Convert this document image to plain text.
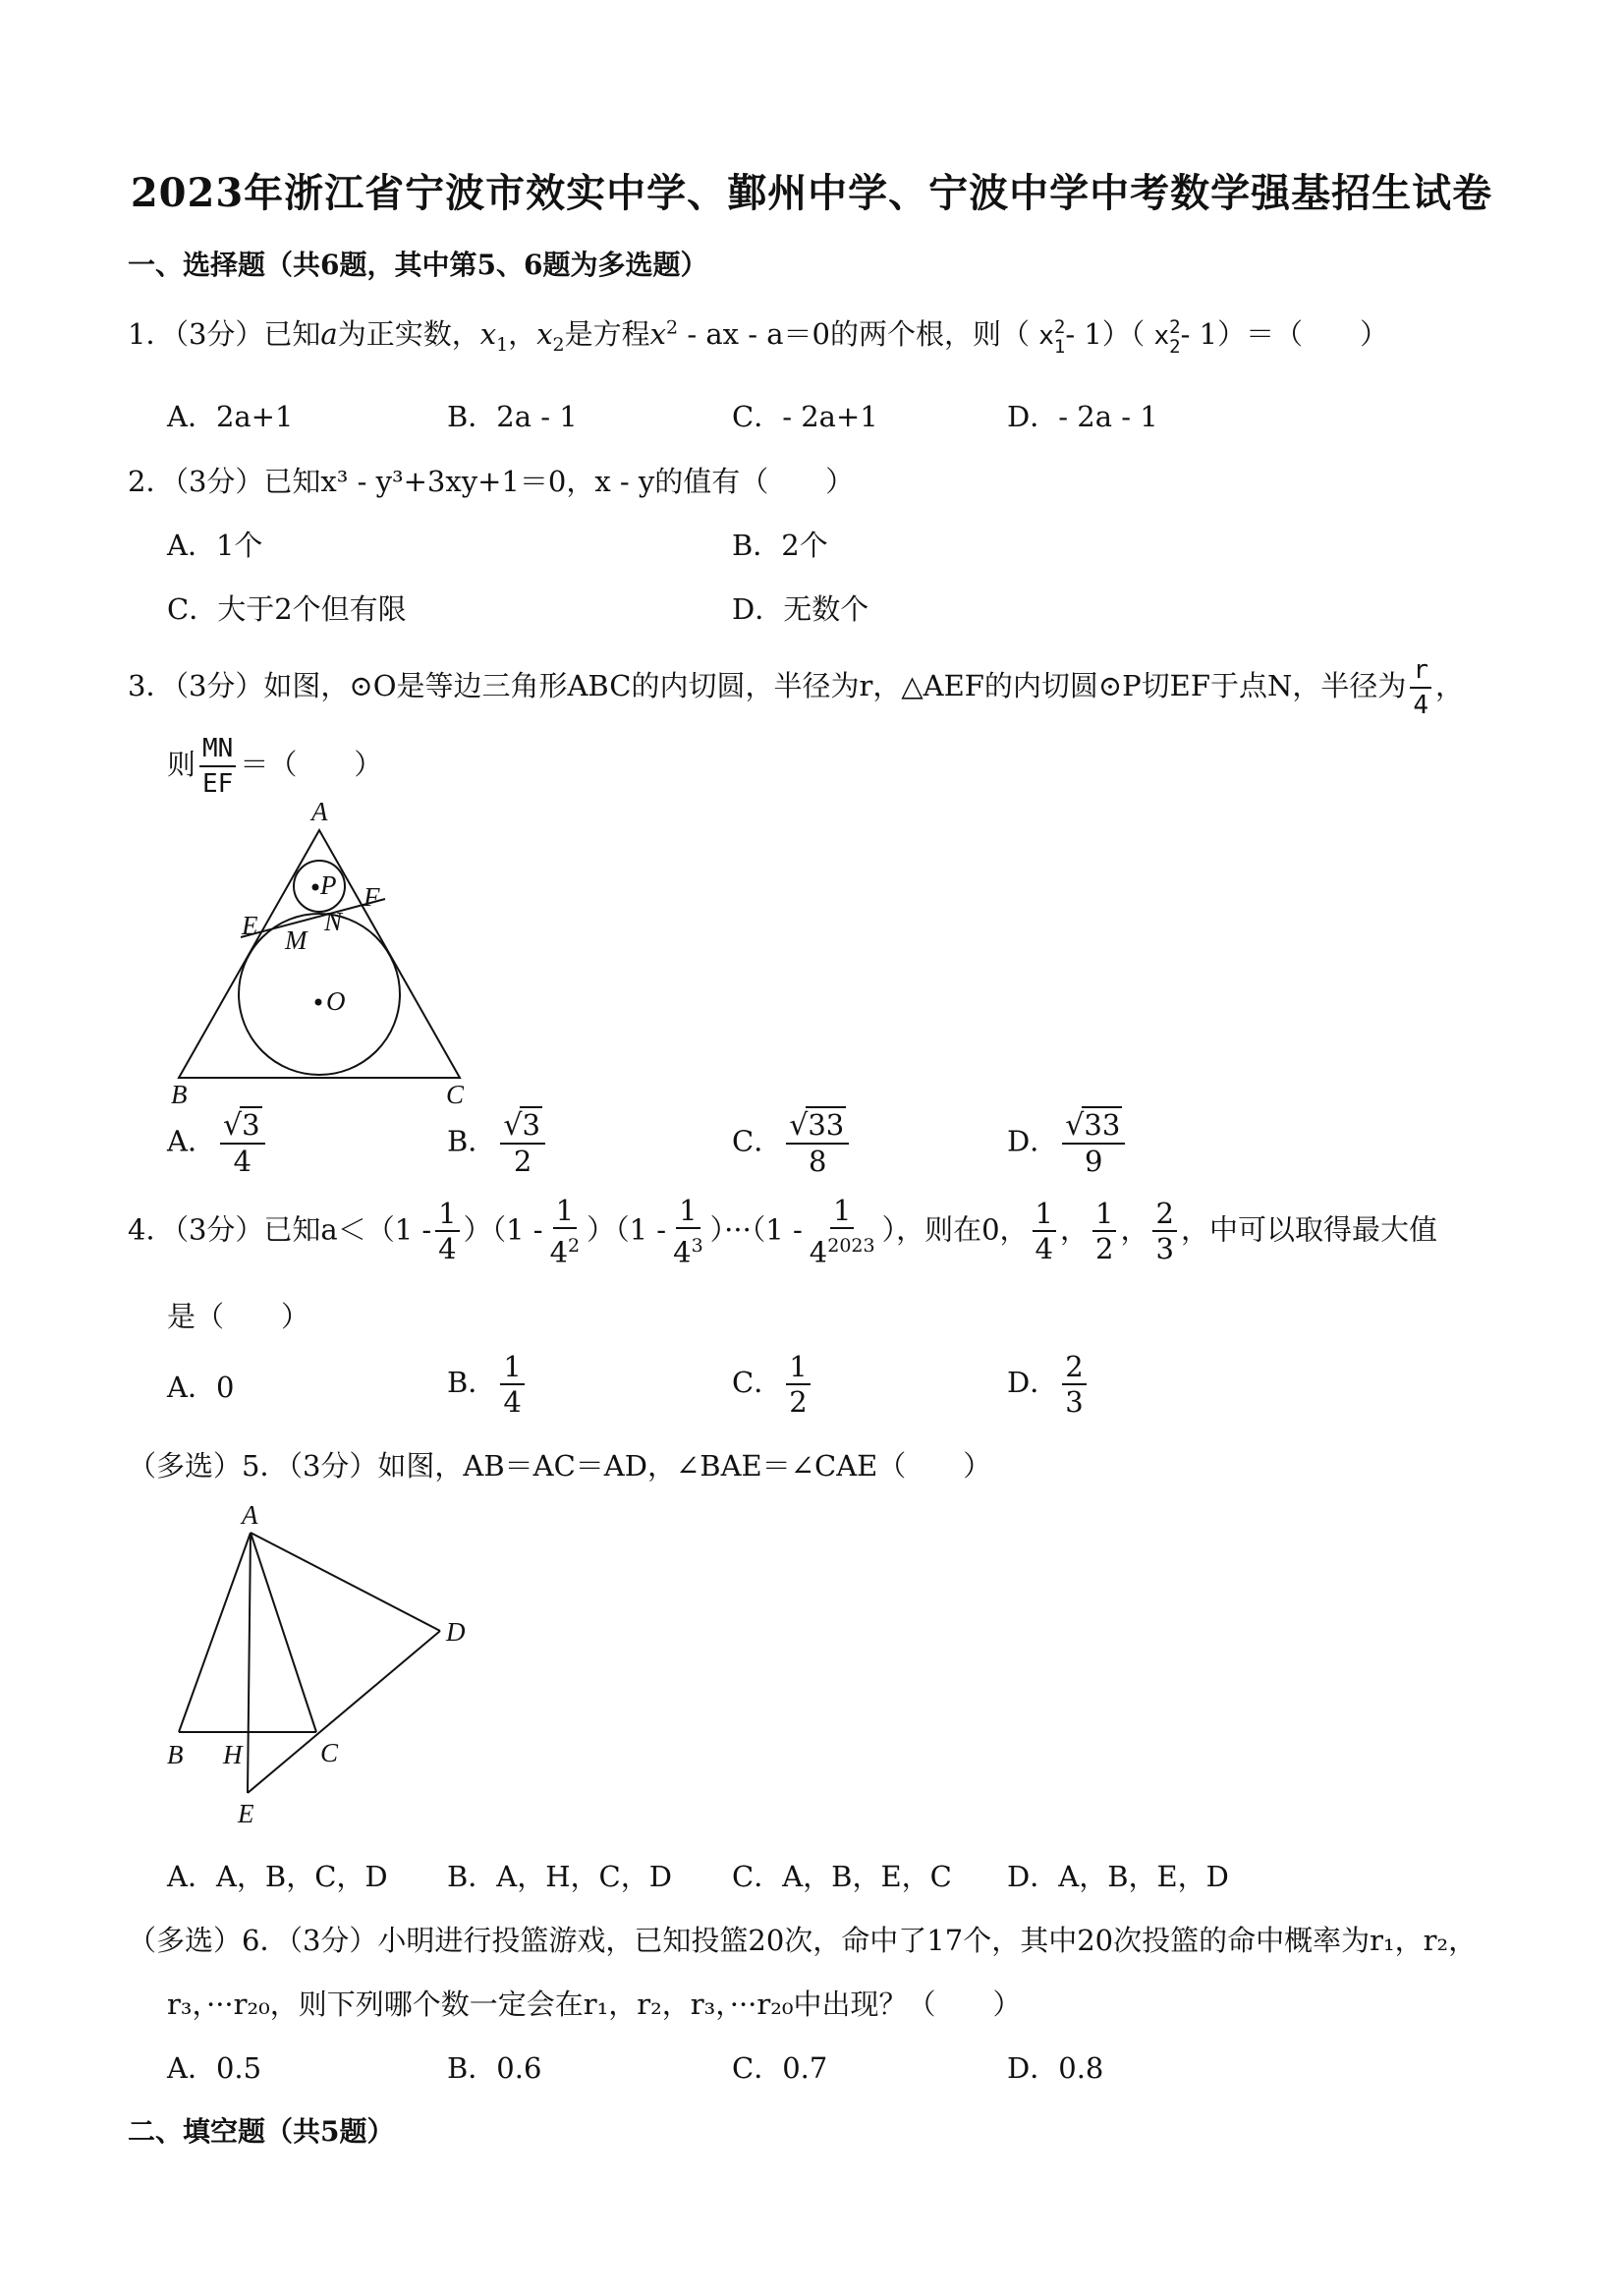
2023年浙江省宁波市效实中学、鄞州中学、宁波中学中考数学强基招生试卷
一、选择题（共6题，其中第5、6题为多选题）
1．（3分）已知a为正实数，$x_1$，$x_2$是方程$x^2$ - ax - a＝0的两个根，则（ x 2
1 - 1）（ x 2
2 - 1）＝（　　）
A．2a+1	B．2a - 1	C．- 2a+1	D．- 2a - 1
2．（3分）已知x³ - y³+3xy+1＝0，x - y的值有（　　）
A．1个	B．2个
C．大于2个但有限	D．无数个
3．（3分）如图，⊙O是等边三角形ABC的内切圆，半径为r，△AEF的内切圆⊙P切EF于点N，半径为 $\frac{r}{4}$ ，
则 $\frac{MN}{EF}$ ＝（　　）
A
P F
E	N
M
O
B	C
A． $\frac{√3}{4}$	B． $\frac{√3}{2}$	C． $\frac{√33}{8}$	D． $\frac{√33}{9}$
4．（3分）已知$a<(1 - \frac{1}{4} )(1 - \frac{1}{4^2} )(1 - \frac{1}{4^3} )\cdot\cdot\cdot(1 - \frac{1}{4^{2023}}$ ），则在0， $\frac{1}{4}$ ， $\frac{1}{2}$ ， $\frac{2}{3}$ ，中可以取得最大值
是（　　）
A．0	B． $\frac{1}{4}$	C． $\frac{1}{2}$	D． $\frac{2}{3}$
（多选）5．（3分）如图，AB＝AC＝AD，∠BAE＝∠CAE（　　）
A
D
B H	C
E
A．A，B，C，D B．A，H，C，D C．A，B，E，C D．A，B，E，D
（多选）6．（3分）小明进行投篮游戏，已知投篮20次，命中了17个，其中20次投篮的命中概率为r₁，r₂，
r₃，···r₂₀，则下列哪个数一定会在r₁，r₂，r₃，···r₂₀中出现？（　　）
A．0.5	B．0.6	C．0.7	D．0.8
二、填空题（共5题）
